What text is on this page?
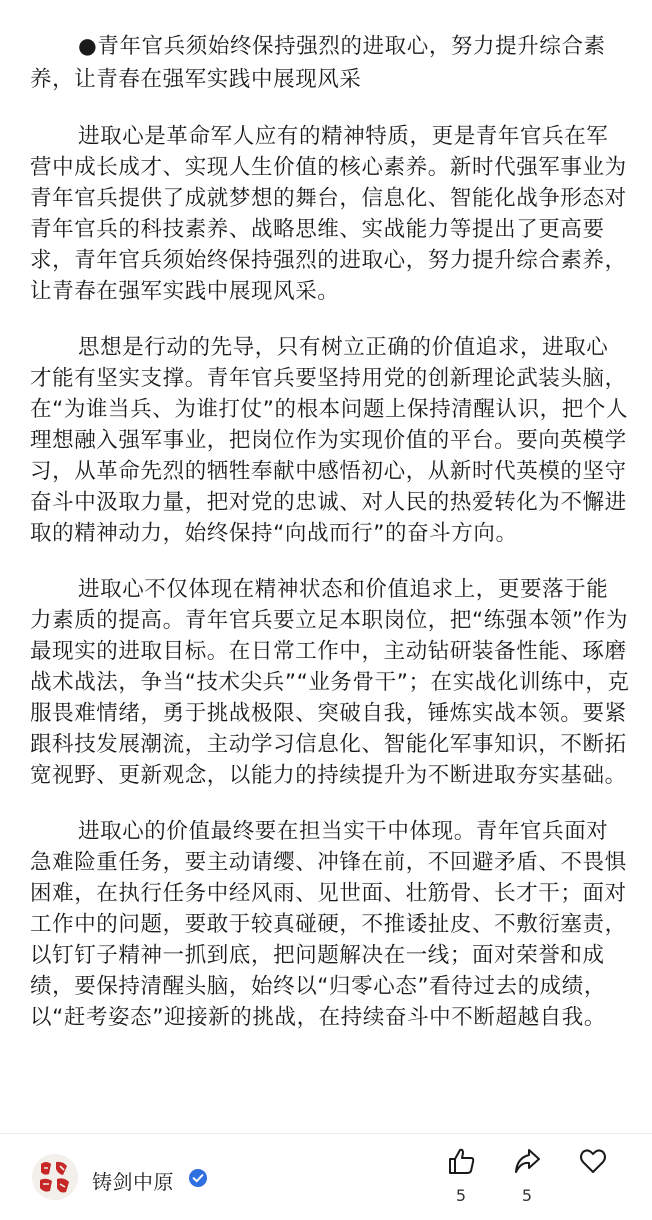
●青年官兵须始终保持强烈的进取心，努力提升综合素养，让青春在强军实践中展现风采

进取心是革命军人应有的精神特质，更是青年官兵在军营中成长成才、实现人生价值的核心素养。新时代强军事业为青年官兵提供了成就梦想的舞台，信息化、智能化战争形态对青年官兵的科技素养、战略思维、实战能力等提出了更高要求，青年官兵须始终保持强烈的进取心，努力提升综合素养，让青春在强军实践中展现风采。

思想是行动的先导，只有树立正确的价值追求，进取心才能有坚实支撑。青年官兵要坚持用党的创新理论武装头脑，在“为谁当兵、为谁打仗”的根本问题上保持清醒认识，把个人理想融入强军事业，把岗位作为实现价值的平台。要向英模学习，从革命先烈的牺牲奉献中感悟初心，从新时代英模的坚守奋斗中汲取力量，把对党的忠诚、对人民的热爱转化为不懈进取的精神动力，始终保持“向战而行”的奋斗方向。

进取心不仅体现在精神状态和价值追求上，更要落于能力素质的提高。青年官兵要立足本职岗位，把“练强本领”作为最现实的进取目标。在日常工作中，主动钻研装备性能、琢磨战术战法，争当“技术尖兵”“业务骨干”；在实战化训练中，克服畏难情绪，勇于挑战极限、突破自我，锤炼实战本领。要紧跟科技发展潮流，主动学习信息化、智能化军事知识，不断拓宽视野、更新观念，以能力的持续提升为不断进取夯实基础。

进取心的价值最终要在担当实干中体现。青年官兵面对急难险重任务，要主动请缨、冲锋在前，不回避矛盾、不畏惧困难，在执行任务中经风雨、见世面、壮筋骨、长才干；面对工作中的问题，要敢于较真碰硬，不推诿扯皮、不敷衍塞责，以钉钉子精神一抓到底，把问题解决在一线；面对荣誉和成绩，要保持清醒头脑，始终以“归零心态”看待过去的成绩，以“赶考姿态”迎接新的挑战，在持续奋斗中不断超越自我。

铸剑中原
5	5
